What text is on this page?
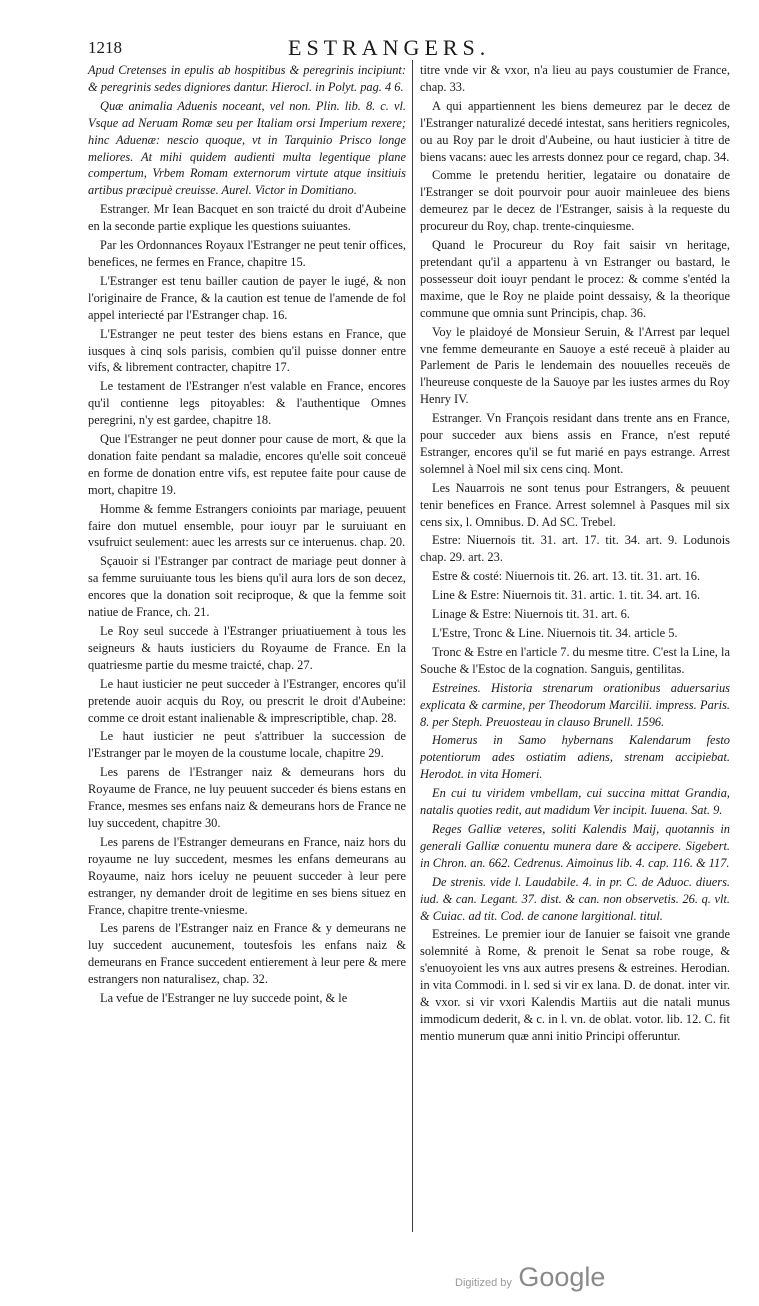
1218	ESTRANGERS.

Apud Cretenses in epulis ab hospitibus & peregrinis incipiunt: & peregrinis sedes digniores dantur. Hierocl. in Polyt. pag. 4 6.

Quæ animalia Aduenis noceant, vel non. Plin. lib. 8. c. vl. Vsque ad Neruam Romæ seu per Italiam orsi Imperium rexere; hinc Aduenæ: nescio quoque, vt in Tarquinio Prisco longe meliores. At mihi quidem audienti multa legentique plane compertum, Vrbem Romam externorum virtute atque insitiuis artibus præcipuè creuisse. Aurel. Victor in Domitiano.

Estranger. Mr Iean Bacquet en son traicté du droit d'Aubeine en la seconde partie explique les questions suiuantes.

Par les Ordonnances Royaux l'Estranger ne peut tenir offices, benefices, ne fermes en France, chapitre 15.

L'Estranger est tenu bailler caution de payer le iugé, & non l'originaire de France, & la caution est tenue de l'amende de fol appel interiecté par l'Estranger chap. 16.

L'Estranger ne peut tester des biens estans en France, que iusques à cinq sols parisis, combien qu'il puisse donner entre vifs, & librement contracter, chapitre 17.

Le testament de l'Estranger n'est valable en France, encores qu'il contienne legs pitoyables: & l'authentique Omnes peregrini, n'y est gardee, chapitre 18.

Que l'Estranger ne peut donner pour cause de mort, & que la donation faite pendant sa maladie, encores qu'elle soit conceuë en forme de donation entre vifs, est reputee faite pour cause de mort, chapitre 19.

Homme & femme Estrangers conioints par mariage, peuuent faire don mutuel ensemble, pour iouyr par le suruiuant en vsufruict seulement: auec les arrests sur ce interuenus. chap. 20.

Sçauoir si l'Estranger par contract de mariage peut donner à sa femme suruiuante tous les biens qu'il aura lors de son decez, encores que la donation soit reciproque, & que la femme soit natiue de France, ch. 21.

Le Roy seul succede à l'Estranger priuatiuement à tous les seigneurs & hauts iusticiers du Royaume de France. En la quatriesme partie du mesme traicté, chap. 27.

Le haut iusticier ne peut succeder à l'Estranger, encores qu'il pretende auoir acquis du Roy, ou prescrit le droit d'Aubeine: comme ce droit estant inalienable & imprescriptible, chap. 28.

Le haut iusticier ne peut s'attribuer la succession de l'Estranger par le moyen de la coustume locale, chapitre 29.

Les parens de l'Estranger naiz & demeurans hors du Royaume de France, ne luy peuuent succeder és biens estans en France, mesmes ses enfans naiz & demeurans hors de France ne luy succedent, chapitre 30.

Les parens de l'Estranger demeurans en France, naiz hors du royaume ne luy succedent, mesmes les enfans demeurans au Royaume, naiz hors iceluy ne peuuent succeder à leur pere estranger, ny demander droit de legitime en ses biens situez en France, chapitre trente-vniesme.

Les parens de l'Estranger naiz en France & y demeurans ne luy succedent aucunement, toutesfois les enfans naiz & demeurans en France succedent entierement à leur pere & mere estrangers non naturalisez, chap. 32.

La vefue de l'Estranger ne luy succede point, & le

titre vnde vir & vxor, n'a lieu au pays coustumier de France, chap. 33.

A qui appartiennent les biens demeurez par le decez de l'Estranger naturalizé decedé intestat, sans heritiers regnicoles, ou au Roy par le droit d'Aubeine, ou haut iusticier à titre de biens vacans: auec les arrests donnez pour ce regard, chap. 34.

Comme le pretendu heritier, legataire ou donataire de l'Estranger se doit pourvoir pour auoir mainleuee des biens demeurez par le decez de l'Estranger, saisis à la requeste du procureur du Roy, chap. trente-cinquiesme.

Quand le Procureur du Roy fait saisir vn heritage, pretendant qu'il a appartenu à vn Estranger ou bastard, le possesseur doit iouyr pendant le procez: & comme s'entéd la maxime, que le Roy ne plaide point dessaisy, & la theorique commune que omnia sunt Principis, chap. 36.

Voy le plaidoyé de Monsieur Seruin, & l'Arrest par lequel vne femme demeurante en Sauoye a esté receuë à plaider au Parlement de Paris le lendemain des nouuelles receuës de l'heureuse conqueste de la Sauoye par les iustes armes du Roy Henry IV.

Estranger. Vn François residant dans trente ans en France, pour succeder aux biens assis en France, n'est reputé Estranger, encores qu'il se fut marié en pays estrange. Arrest solemnel à Noel mil six cens cinq. Mont.

Les Nauarrois ne sont tenus pour Estrangers, & peuuent tenir benefices en France. Arrest solemnel à Pasques mil six cens six, l. Omnibus. D. Ad SC. Trebel.

Estre: Niuernois tit. 31. art. 17. tit. 34. art. 9. Lodunois chap. 29. art. 23.

Estre & costé: Niuernois tit. 26. art. 13. tit. 31. art. 16.

Line & Estre: Niuernois tit. 31. artic. 1. tit. 34. art. 16.

Linage & Estre: Niuernois tit. 31. art. 6.

L'Estre, Tronc & Line. Niuernois tit. 34. article 5.

Tronc & Estre en l'article 7. du mesme titre. C'est la Line, la Souche & l'Estoc de la cognation. Sanguis, gentilitas.

Estreines. Historia strenarum orationibus aduersarius explicata & carmine, per Theodorum Marcilii. impress. Paris. 8. per Steph. Preuosteau in clauso Brunell. 1596.

Homerus in Samo hybernans Kalendarum festo potentiorum ades ostiatim adiens, strenam accipiebat. Herodot. in vita Homeri.

En cui tu viridem vmbellam, cui succina mittat Grandia, natalis quoties redit, aut madidum Ver incipit. Iuuena. Sat. 9.

Reges Galliæ veteres, soliti Kalendis Maij, quotannis in generali Galliæ conuentu munera dare & accipere. Sigebert. in Chron. an. 662. Cedrenus. Aimoinus lib. 4. cap. 116. & 117.

De strenis. vide l. Laudabile. 4. in pr. C. de Aduoc. diuers. iud. & can. Legant. 37. dist. & can. non observetis. 26. q. vlt. & Cuiac. ad tit. Cod. de canone largitional. titul.

Estreines. Le premier iour de Ianuier se faisoit vne grande solemnité à Rome, & prenoit le Senat sa robe rouge, & s'enuoyoient les vns aux autres presens & estreines. Herodian. in vita Commodi. in l. sed si vir ex lana. D. de donat. inter vir. & vxor. si vir vxori Kalendis Martiis aut die natali munus immodicum dederit, & c. in l. vn. de oblat. votor. lib. 12. C. fit mentio munerum quæ anni initio Principi offeruntur.

Digitized by Google
